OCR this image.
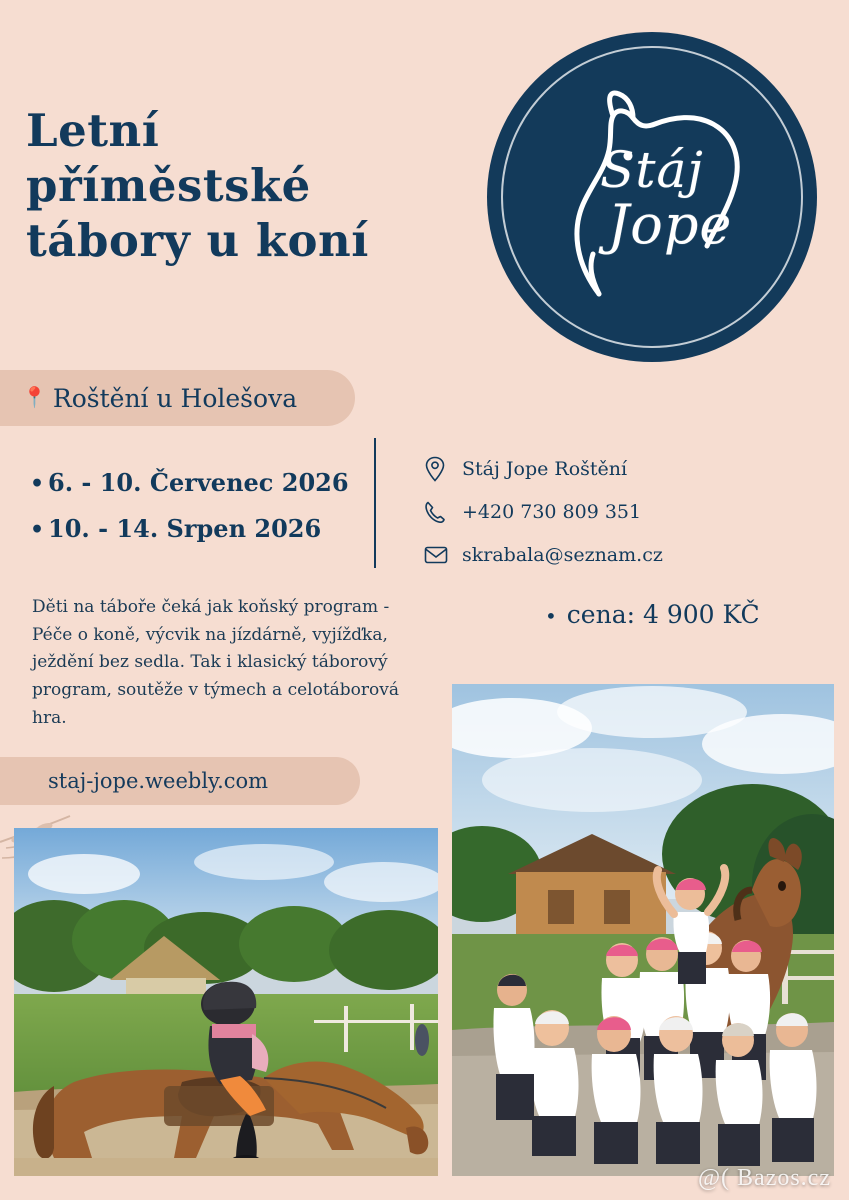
Letní
příměstské
tábory u koní
Stáj
Jope
📍 Roštění u Holešova
• 6. - 10. Červenec 2026
• 10. - 14. Srpen 2026
Stáj Jope Roštění
+420 730 809 351
skrabala@seznam.cz
Děti na táboře čeká jak koňský program - Péče o koně, výcvik na jízdárně, vyjížďka, ježdění bez sedla. Tak i klasický táborový program, soutěže v týmech a celotáborová hra.
• cena: 4 900 KČ
staj-jope.weebly.com
@( Bazos.cz
